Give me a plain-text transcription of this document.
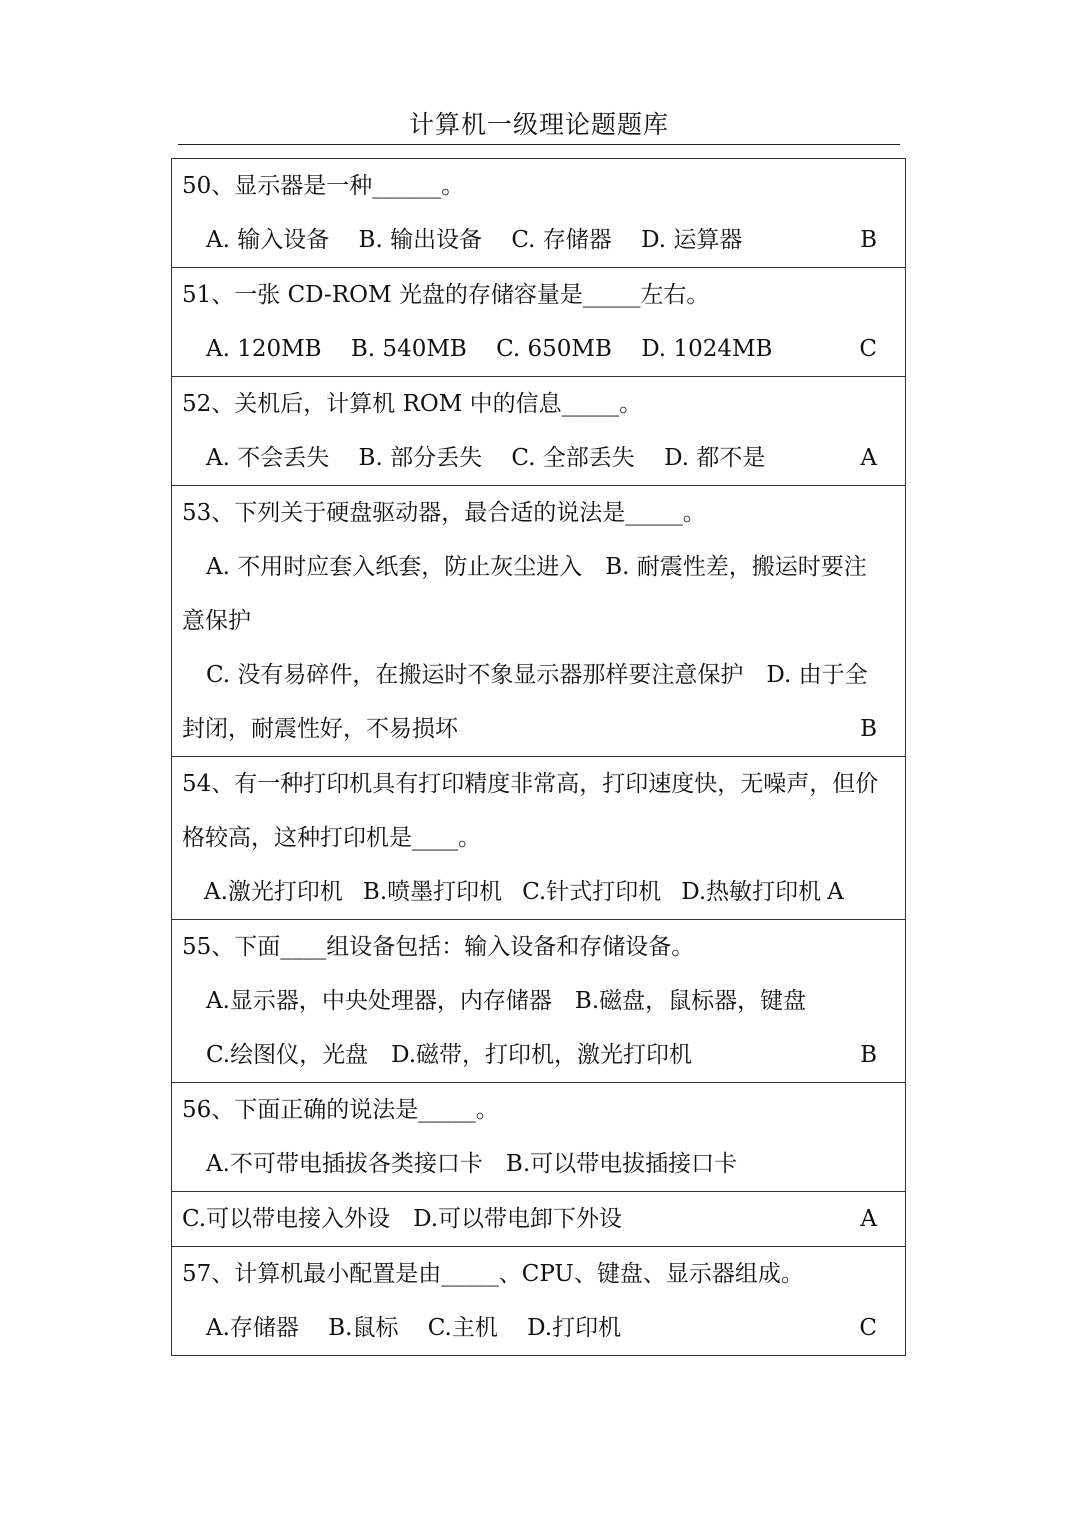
计算机一级理论题题库
50、显示器是一种______。
A. 输入设备 B. 输出设备 C. 存储器 D. 运算器	B
51、一张 CD-ROM 光盘的存储容量是_____左右。
A. 120MB B. 540MB C. 650MB D. 1024MB	C
52、关机后，计算机 ROM 中的信息_____。
A. 不会丢失 B. 部分丢失 C. 全部丢失 D. 都不是	A
53、下列关于硬盘驱动器，最合适的说法是_____。
A. 不用时应套入纸套，防止灰尘进入　B. 耐震性差，搬运时要注
意保护
C. 没有易碎件，在搬运时不象显示器那样要注意保护　D. 由于全
封闭，耐震性好，不易损坏	B
54、有一种打印机具有打印精度非常高，打印速度快，无噪声，但价
格较高，这种打印机是____。
A.激光打印机 B.喷墨打印机 C.针式打印机 D.热敏打印机 A
55、下面____组设备包括：输入设备和存储设备。
A.显示器，中央处理器，内存储器　B.磁盘，鼠标器，键盘
C.绘图仪，光盘　D.磁带，打印机，激光打印机	B
56、下面正确的说法是_____。
A.不可带电插拔各类接口卡　B.可以带电拔插接口卡
C.可以带电接入外设　D.可以带电卸下外设	A
57、计算机最小配置是由_____、CPU、键盘、显示器组成。
A.存储器 B.鼠标 C.主机 D.打印机	C
